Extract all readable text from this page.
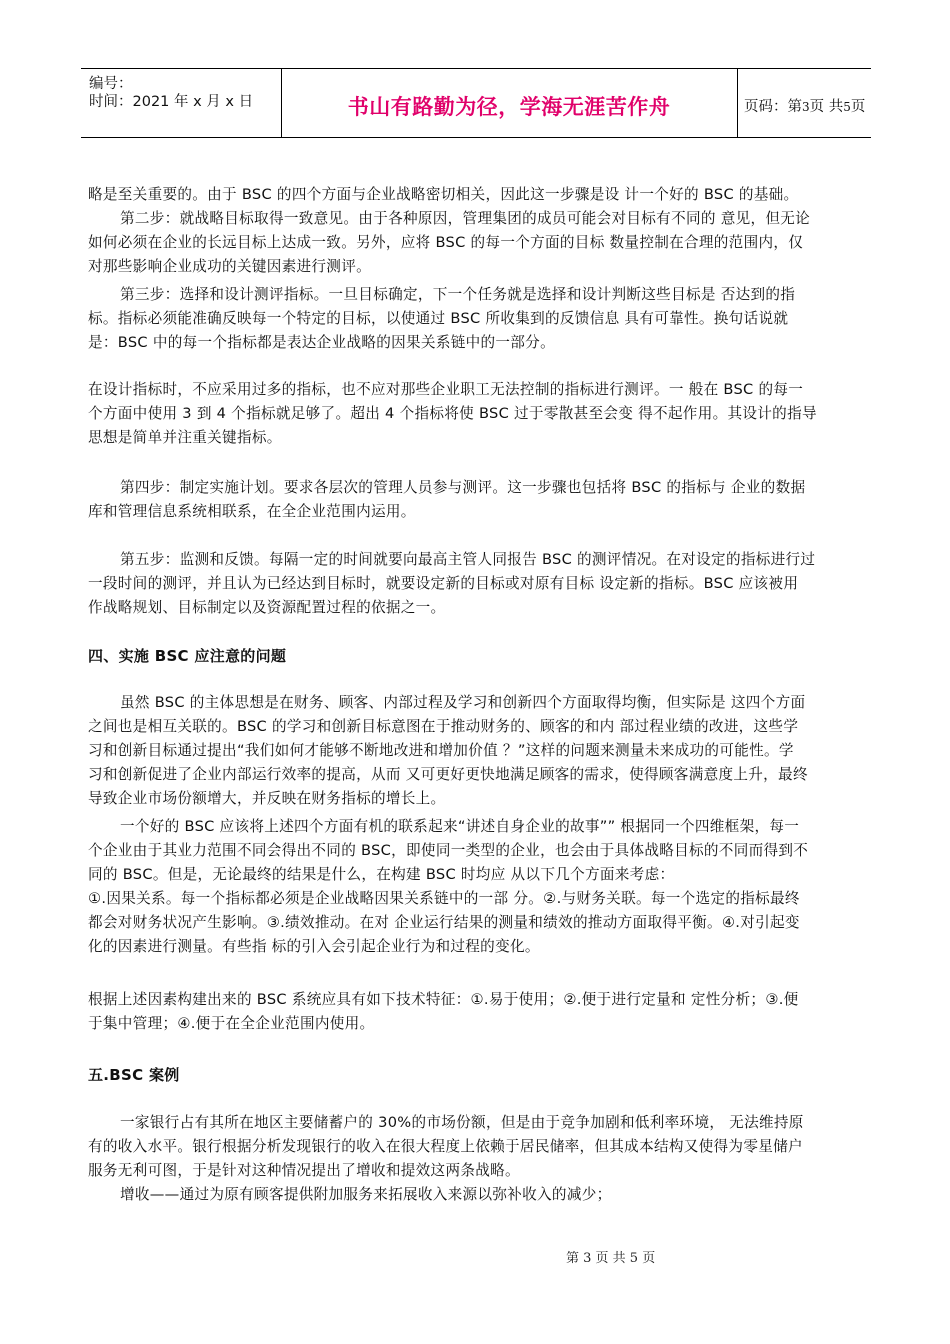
编号：
时间：2021 年 x 月 x 日	书山有路勤为径，学海无涯苦作舟	页码：第3页 共5页
略是至关重要的。由于 BSC 的四个方面与企业战略密切相关，因此这一步骤是设 计一个好的 BSC 的基础。
第二步：就战略目标取得一致意见。由于各种原因，管理集团的成员可能会对目标有不同的 意见，但无论
如何必须在企业的长远目标上达成一致。另外，应将 BSC 的每一个方面的目标 数量控制在合理的范围内，仅
对那些影响企业成功的关键因素进行测评。
第三步：选择和设计测评指标。一旦目标确定，下一个任务就是选择和设计判断这些目标是 否达到的指
标。指标必须能准确反映每一个特定的目标，以使通过 BSC 所收集到的反馈信息 具有可靠性。换句话说就
是：BSC 中的每一个指标都是表达企业战略的因果关系链中的一部分。
在设计指标时，不应采用过多的指标，也不应对那些企业职工无法控制的指标进行测评。一 般在 BSC 的每一
个方面中使用 3 到 4 个指标就足够了。超出 4 个指标将使 BSC 过于零散甚至会变 得不起作用。其设计的指导
思想是简单并注重关键指标。
第四步：制定实施计划。要求各层次的管理人员参与测评。这一步骤也包括将 BSC 的指标与 企业的数据
库和管理信息系统相联系，在全企业范围内运用。
第五步：监测和反馈。每隔一定的时间就要向最高主管人同报告 BSC 的测评情况。在对设定的指标进行过
一段时间的测评，并且认为已经达到目标时，就要设定新的目标或对原有目标 设定新的指标。BSC 应该被用
作战略规划、目标制定以及资源配置过程的依据之一。
四、实施 BSC 应注意的问题
虽然 BSC 的主体思想是在财务、顾客、内部过程及学习和创新四个方面取得均衡，但实际是 这四个方面
之间也是相互关联的。BSC 的学习和创新目标意图在于推动财务的、顾客的和内 部过程业绩的改进，这些学
习和创新目标通过提出“我们如何才能够不断地改进和增加价值 ？”这样的问题来测量未来成功的可能性。学
习和创新促进了企业内部运行效率的提高，从而 又可更好更快地满足顾客的需求，使得顾客满意度上升，最终
导致企业市场份额增大，并反映在财务指标的增长上。
一个好的 BSC 应该将上述四个方面有机的联系起来“讲述自身企业的故事”” 根据同一个四维框架，每一
个企业由于其业力范围不同会得出不同的 BSC，即使同一类型的企业，也会由于具体战略目标的不同而得到不
同的 BSC。但是，无论最终的结果是什么，在构建 BSC 时均应 从以下几个方面来考虑：
①.因果关系。每一个指标都必须是企业战略因果关系链中的一部 分。②.与财务关联。每一个选定的指标最终
都会对财务状况产生影响。③.绩效推动。在对 企业运行结果的测量和绩效的推动方面取得平衡。④.对引起变
化的因素进行测量。有些指 标的引入会引起企业行为和过程的变化。
根据上述因素构建出来的 BSC 系统应具有如下技术特征：①.易于使用；②.便于进行定量和 定性分析；③.便
于集中管理；④.便于在全企业范围内使用。
五.BSC 案例
一家银行占有其所在地区主要储蓄户的 30%的市场份额，但是由于竞争加剧和低利率环境， 无法维持原
有的收入水平。银行根据分析发现银行的收入在很大程度上依赖于居民储率，但其成本结构又使得为零星储户
服务无利可图，于是针对这种情况提出了增收和提效这两条战略。
增收——通过为原有顾客提供附加服务来拓展收入来源以弥补收入的减少；
第 3 页 共 5 页
